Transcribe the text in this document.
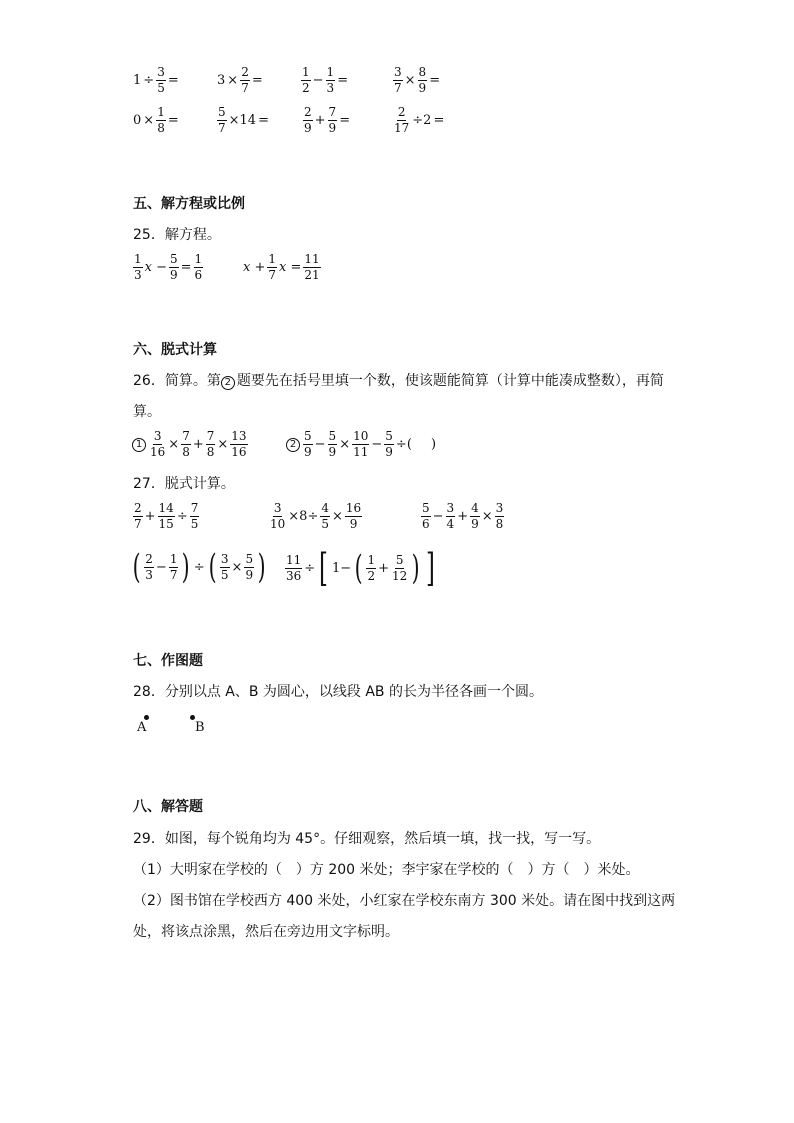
$1 \div \frac{3}{5}$ =	$3 \times \frac{2}{7}$ =	$\frac{1}{2} - \frac{1}{3}$ =	$\frac{3}{7} \times \frac{8}{9}$ =
$0 \times \frac{1}{8}$ =	$\frac{5}{7} \times 14$ =	$\frac{2}{9} + \frac{7}{9}$ =	$\frac{2}{17} \div 2$ =
五、解方程或比例
25．解方程。
$\frac{1}{3}$ $x - \frac{5}{9} = \frac{1}{6}$	$x + \frac{1}{7}$ $x = \frac{11}{21}$
六、脱式计算
26．简算。第 2 题要先在括号里填一个数，使该题能简算（计算中能凑成整数），再简
算。
$1 \frac{3}{16} \times \frac{7}{8} + \frac{7}{8} \times \frac{13}{16}$	$2 \frac{5}{9} - \frac{5}{9} \times \frac{10}{11} - \frac{5}{9}$ ÷( 　 )
27．脱式计算。
$\frac{2}{7} + \frac{14}{15} \div \frac{7}{5}$	$\frac{3}{10} \times 8\div \frac{4}{5} \times \frac{16}{9}$	$\frac{5}{6} - \frac{3}{4} + \frac{4}{9} \times \frac{3}{8}$
( $\frac{2}{3} - \frac{1}{7}$ ) ÷ ( $\frac{3}{5} \times \frac{5}{9}$ ) $\frac{11}{36}$ ÷ [ 1− ( $\frac{1}{2} + \frac{5}{12}$ ) ]
七、作图题
28．分别以点 A、B 为圆心，以线段 AB 的长为半径各画一个圆。
A	B
八、解答题
29．如图，每个锐角均为 45°。仔细观察，然后填一填，找一找，写一写。
（1）大明家在学校的（　）方 200 米处；李宇家在学校的（　）方（　）米处。
（2）图书馆在学校西方 400 米处，小红家在学校东南方 300 米处。请在图中找到这两
处，将该点涂黑，然后在旁边用文字标明。
